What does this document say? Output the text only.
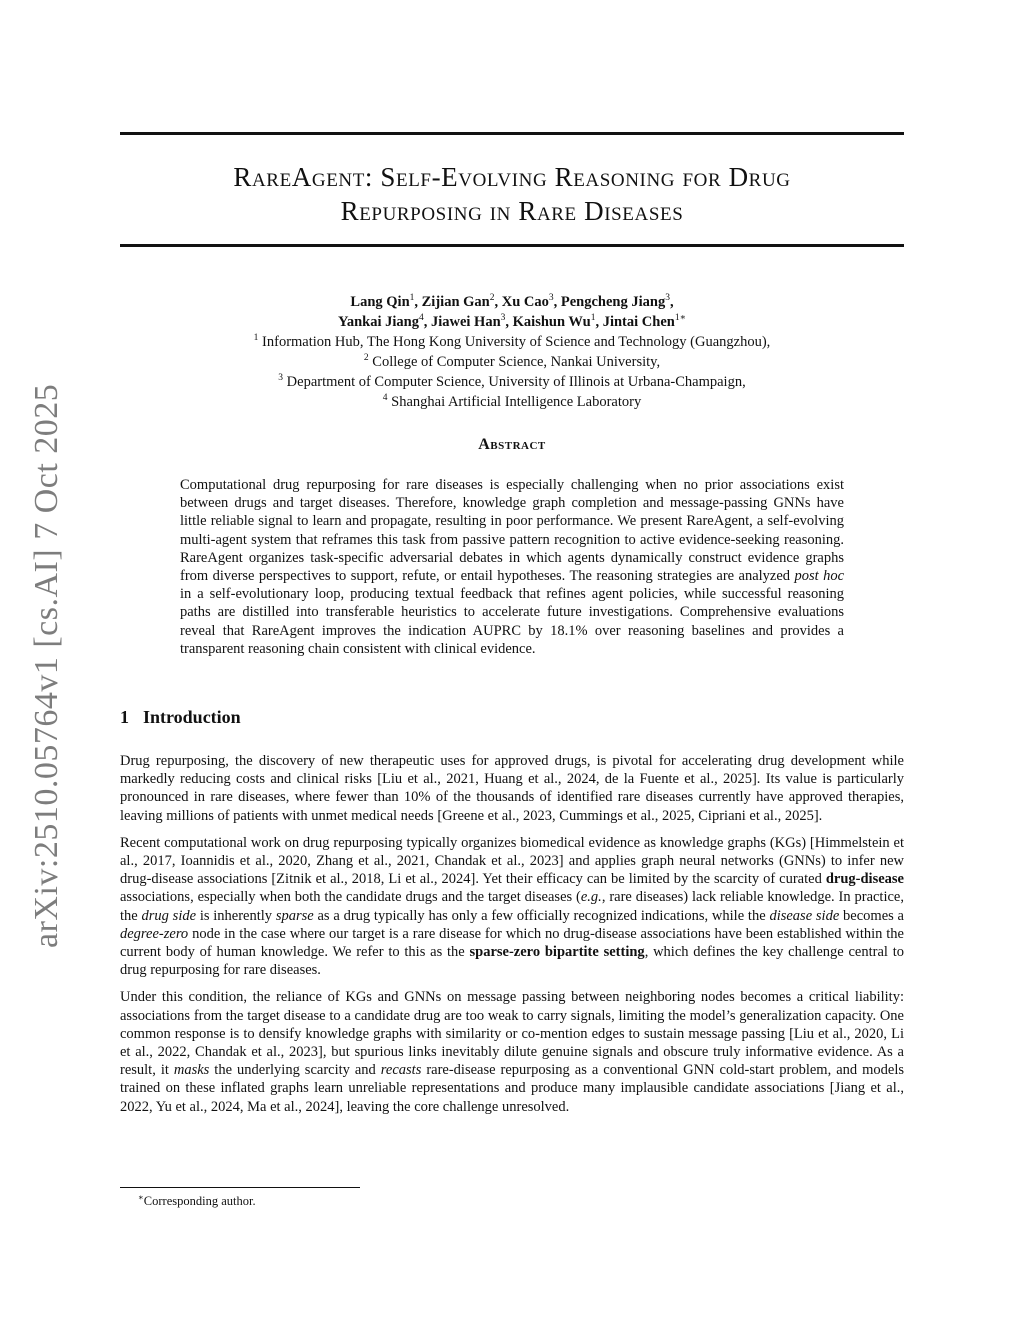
arXiv:2510.05764v1 [cs.AI] 7 Oct 2025
RareAgent: Self-Evolving Reasoning for Drug
Repurposing in Rare Diseases
Lang Qin$^1$, Zijian Gan$^2$, Xu Cao$^3$, Pengcheng Jiang$^3$,
Yankai Jiang$^4$, Jiawei Han$^3$, Kaishun Wu$^1$, Jintai Chen$^{1∗}$
$^1$ Information Hub, The Hong Kong University of Science and Technology (Guangzhou),
$^2$ College of Computer Science, Nankai University,
$^3$ Department of Computer Science, University of Illinois at Urbana-Champaign,
$^4$ Shanghai Artificial Intelligence Laboratory
Abstract
Computational drug repurposing for rare diseases is especially challenging when no prior associations exist between drugs and target diseases. Therefore, knowledge graph completion and message-passing GNNs have little reliable signal to learn and propagate, resulting in poor performance. We present RareAgent, a self-evolving multi-agent system that reframes this task from passive pattern recognition to active evidence-seeking reasoning. RareAgent organizes task-specific adversarial debates in which agents dynamically construct evidence graphs from diverse perspectives to support, refute, or entail hypotheses. The reasoning strategies are analyzed post hoc in a self-evolutionary loop, producing textual feedback that refines agent policies, while successful reasoning paths are distilled into transferable heuristics to accelerate future investigations. Comprehensive evaluations reveal that RareAgent improves the indication AUPRC by 18.1% over reasoning baselines and provides a transparent reasoning chain consistent with clinical evidence.
1 Introduction

Drug repurposing, the discovery of new therapeutic uses for approved drugs, is pivotal for accelerating drug development while markedly reducing costs and clinical risks [Liu et al., 2021, Huang et al., 2024, de la Fuente et al., 2025]. Its value is particularly pronounced in rare diseases, where fewer than 10% of the thousands of identified rare diseases currently have approved therapies, leaving millions of patients with unmet medical needs [Greene et al., 2023, Cummings et al., 2025, Cipriani et al., 2025].

Recent computational work on drug repurposing typically organizes biomedical evidence as knowledge graphs (KGs) [Himmelstein et al., 2017, Ioannidis et al., 2020, Zhang et al., 2021, Chandak et al., 2023] and applies graph neural networks (GNNs) to infer new drug-disease associations [Zitnik et al., 2018, Li et al., 2024]. Yet their efficacy can be limited by the scarcity of curated drug-disease associations, especially when both the candidate drugs and the target diseases (e.g., rare diseases) lack reliable knowledge. In practice, the drug side is inherently sparse as a drug typically has only a few officially recognized indications, while the disease side becomes a degree-zero node in the case where our target is a rare disease for which no drug-disease associations have been established within the current body of human knowledge. We refer to this as the sparse-zero bipartite setting, which defines the key challenge central to drug repurposing for rare diseases.

Under this condition, the reliance of KGs and GNNs on message passing between neighboring nodes becomes a critical liability: associations from the target disease to a candidate drug are too weak to carry signals, limiting the model’s generalization capacity. One common response is to densify knowledge graphs with similarity or co-mention edges to sustain message passing [Liu et al., 2020, Li et al., 2022, Chandak et al., 2023], but spurious links inevitably dilute genuine signals and obscure truly informative evidence. As a result, it masks the underlying scarcity and recasts rare-disease repurposing as a conventional GNN cold-start problem, and models trained on these inflated graphs learn unreliable representations and produce many implausible candidate associations [Jiang et al., 2022, Yu et al., 2024, Ma et al., 2024], leaving the core challenge unresolved.

∗Corresponding author.
